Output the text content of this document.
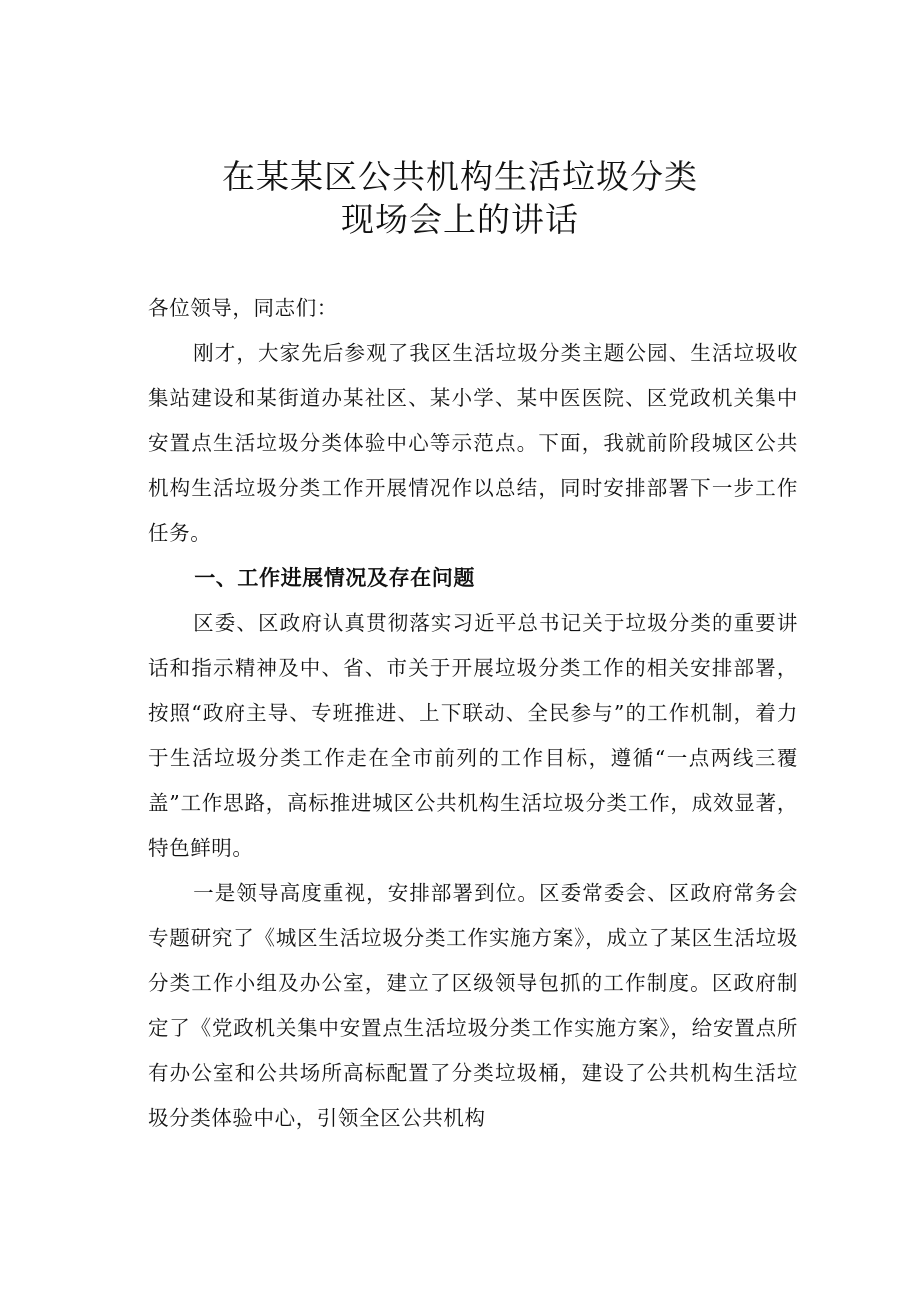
在某某区公共机构生活垃圾分类
现场会上的讲话

各位领导，同志们：

刚才，大家先后参观了我区生活垃圾分类主题公园、生活垃圾收集站建设和某街道办某社区、某小学、某中医医院、区党政机关集中安置点生活垃圾分类体验中心等示范点。下面，我就前阶段城区公共机构生活垃圾分类工作开展情况作以总结，同时安排部署下一步工作任务。

一、工作进展情况及存在问题

区委、区政府认真贯彻落实习近平总书记关于垃圾分类的重要讲话和指示精神及中、省、市关于开展垃圾分类工作的相关安排部署，按照“政府主导、专班推进、上下联动、全民参与”的工作机制，着力于生活垃圾分类工作走在全市前列的工作目标，遵循“一点两线三覆盖”工作思路，高标推进城区公共机构生活垃圾分类工作，成效显著，特色鲜明。

一是领导高度重视，安排部署到位。区委常委会、区政府常务会专题研究了《城区生活垃圾分类工作实施方案》，成立了某区生活垃圾分类工作小组及办公室，建立了区级领导包抓的工作制度。区政府制定了《党政机关集中安置点生活垃圾分类工作实施方案》，给安置点所有办公室和公共场所高标配置了分类垃圾桶，建设了公共机构生活垃圾分类体验中心，引领全区公共机构
